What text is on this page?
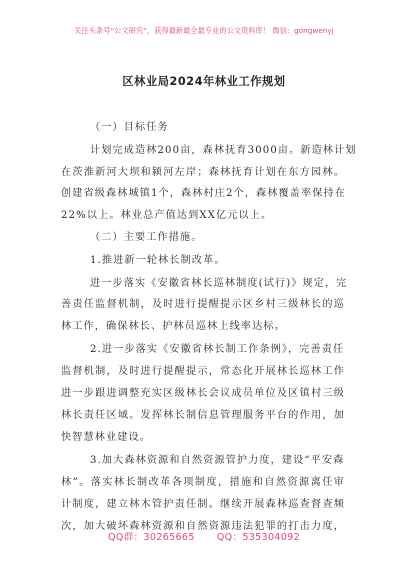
关注头条号“公文研究”，获得最新最全最专业的公文资料库！ 微信：gongwenyj
区林业局2024年林业工作规划
（一）目标任务
计划完成造林200亩，森林抚育3000亩。新造林计划
在茨淮新河大坝和颍河左岸；森林抚育计划在东方园林。
创建省级森林城镇1个，森林村庄2个，森林覆盖率保持在
22%以上。林业总产值达到XX亿元以上。
（二）主要工作措施。
1.推进新一轮林长制改革。
进一步落实《安徽省林长巡林制度(试行)》规定，完
善责任监督机制，及时进行提醒提示区乡村三级林长的巡
林工作，确保林长、护林员巡林上线率达标。
2.进一步落实《安徽省林长制工作条例》，完善责任
监督机制，及时进行提醒提示，常态化开展林长巡林工作
进一步跟进调整充实区级林长会议成员单位及区镇村三级
林长责任区域。发挥林长制信息管理服务平台的作用，加
快智慧林业建设。
3.加大森林资源和自然资源管护力度，建设“平安森
林”。落实林长制改革各项制度，措施和自然资源离任审
计制度，建立林木管护责任制。继续开展森林巡查督查频
次，加大破坏森林资源和自然资源违法犯罪的打击力度，
QQ群：30265665 QQ：535304092
